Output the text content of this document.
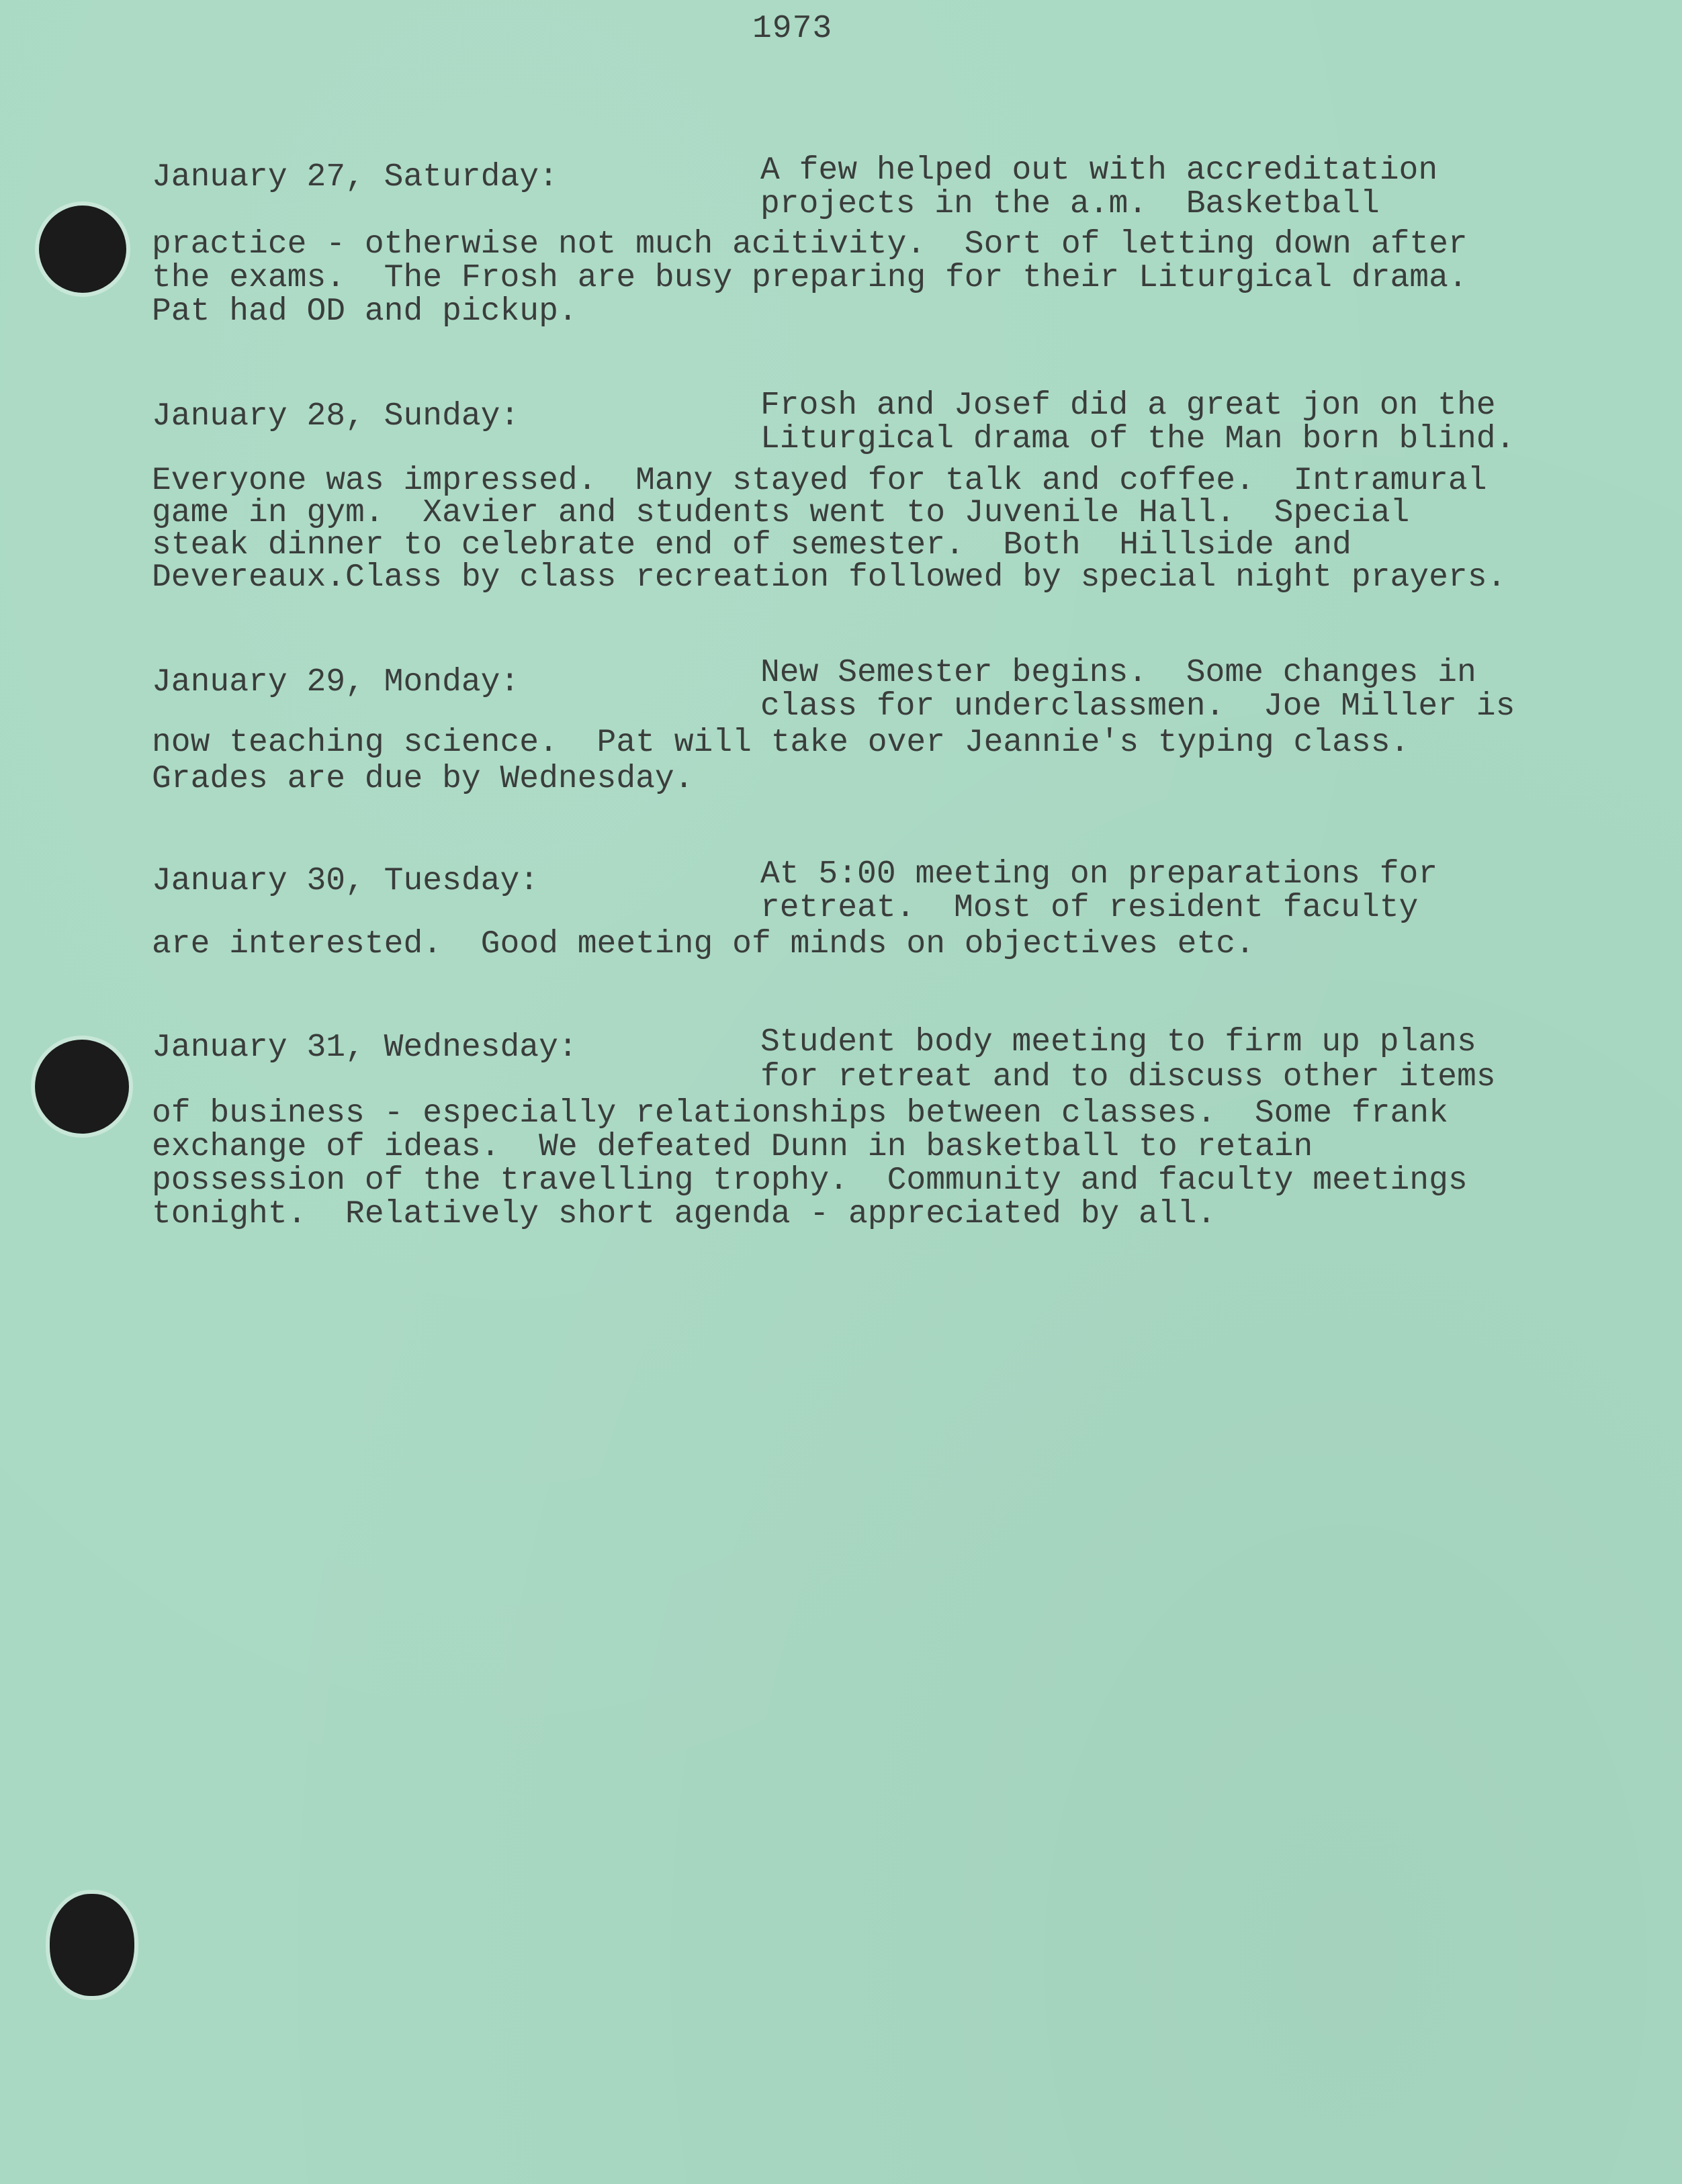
1973
January 27, Saturday:	A few helped out with accreditation
projects in the a.m.  Basketball
practice - otherwise not much acitivity.  Sort of letting down after
the exams.  The Frosh are busy preparing for their Liturgical drama.
Pat had OD and pickup.
January 28, Sunday:	Frosh and Josef did a great jon on the
Liturgical drama of the Man born blind.
Everyone was impressed.  Many stayed for talk and coffee.  Intramural
game in gym.  Xavier and students went to Juvenile Hall.  Special
steak dinner to celebrate end of semester.  Both  Hillside and
Devereaux.Class by class recreation followed by special night prayers.
January 29, Monday:	New Semester begins.  Some changes in
class for underclassmen.  Joe Miller is
now teaching science.  Pat will take over Jeannie's typing class.
Grades are due by Wednesday.
January 30, Tuesday:	At 5:00 meeting on preparations for
retreat.  Most of resident faculty
are interested.  Good meeting of minds on objectives etc.
January 31, Wednesday:	Student body meeting to firm up plans
for retreat and to discuss other items
of business - especially relationships between classes.  Some frank
exchange of ideas.  We defeated Dunn in basketball to retain
possession of the travelling trophy.  Community and faculty meetings
tonight.  Relatively short agenda - appreciated by all.
